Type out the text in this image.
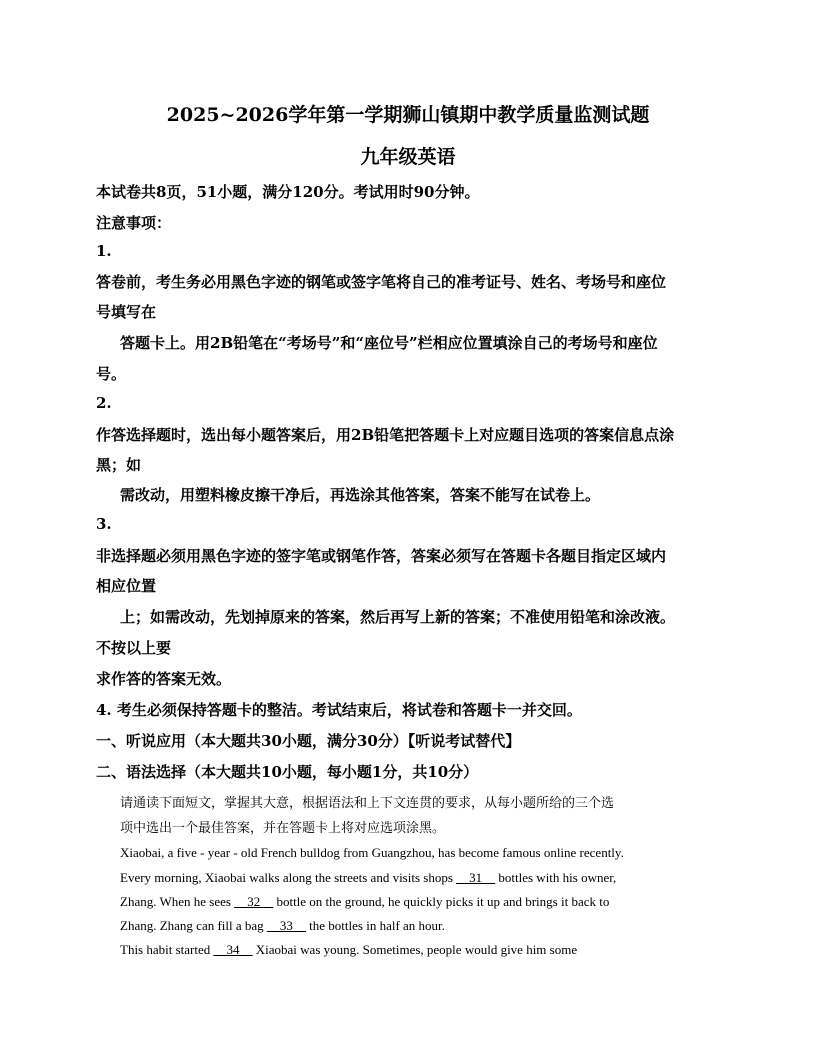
2025~2026学年第一学期狮山镇期中教学质量监测试题
九年级英语
本试卷共8页，51小题，满分120分。考试用时90分钟。
注意事项：
1.
答卷前，考生务必用黑色字迹的钢笔或签字笔将自己的准考证号、姓名、考场号和座位
号填写在
答题卡上。用2B铅笔在“考场号”和“座位号”栏相应位置填涂自己的考场号和座位
号。
2.
作答选择题时，选出每小题答案后，用2B铅笔把答题卡上对应题目选项的答案信息点涂
黑；如
需改动，用塑料橡皮擦干净后，再选涂其他答案，答案不能写在试卷上。
3.
非选择题必须用黑色字迹的签字笔或钢笔作答，答案必须写在答题卡各题目指定区域内
相应位置
上；如需改动，先划掉原来的答案，然后再写上新的答案；不准使用铅笔和涂改液。
不按以上要
求作答的答案无效。
4. 考生必须保持答题卡的整洁。考试结束后，将试卷和答题卡一并交回。
一、听说应用（本大题共30小题，满分30分）【听说考试替代】
二、语法选择（本大题共10小题，每小题1分，共10分）
请通读下面短文，掌握其大意，根据语法和上下文连贯的要求，从每小题所给的三个选
项中选出一个最佳答案，并在答题卡上将对应选项涂黑。
Xiaobai, a five - year - old French bulldog from Guangzhou, has become famous online recently.
Every morning, Xiaobai walks along the streets and visits shops __31__ bottles with his owner,
Zhang. When he sees __32__ bottle on the ground, he quickly picks it up and brings it back to
Zhang. Zhang can fill a bag __33__ the bottles in half an hour.
This habit started __34__ Xiaobai was young. Sometimes, people would give him some
